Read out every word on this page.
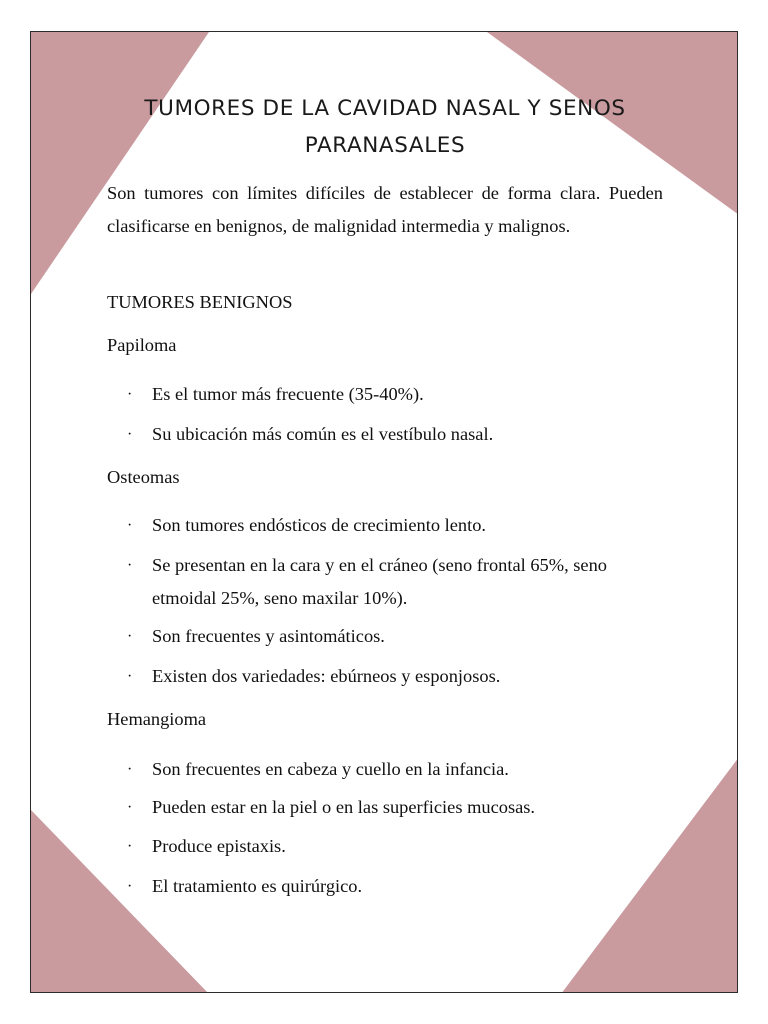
TUMORES DE LA CAVIDAD NASAL Y SENOS
PARANASALES

Son tumores con límites difíciles de establecer de forma clara. Pueden clasificarse en benignos, de malignidad intermedia y malignos.

TUMORES BENIGNOS

Papiloma

·	Es el tumor más frecuente (35-40%).
·	Su ubicación más común es el vestíbulo nasal.

Osteomas

·	Son tumores endósticos de crecimiento lento.
·	Se presentan en la cara y en el cráneo (seno frontal 65%, seno etmoidal 25%, seno maxilar 10%).
·	Son frecuentes y asintomáticos.
·	Existen dos variedades: ebúrneos y esponjosos.

Hemangioma

·	Son frecuentes en cabeza y cuello en la infancia.
·	Pueden estar en la piel o en las superficies mucosas.
·	Produce epistaxis.
·	El tratamiento es quirúrgico.
